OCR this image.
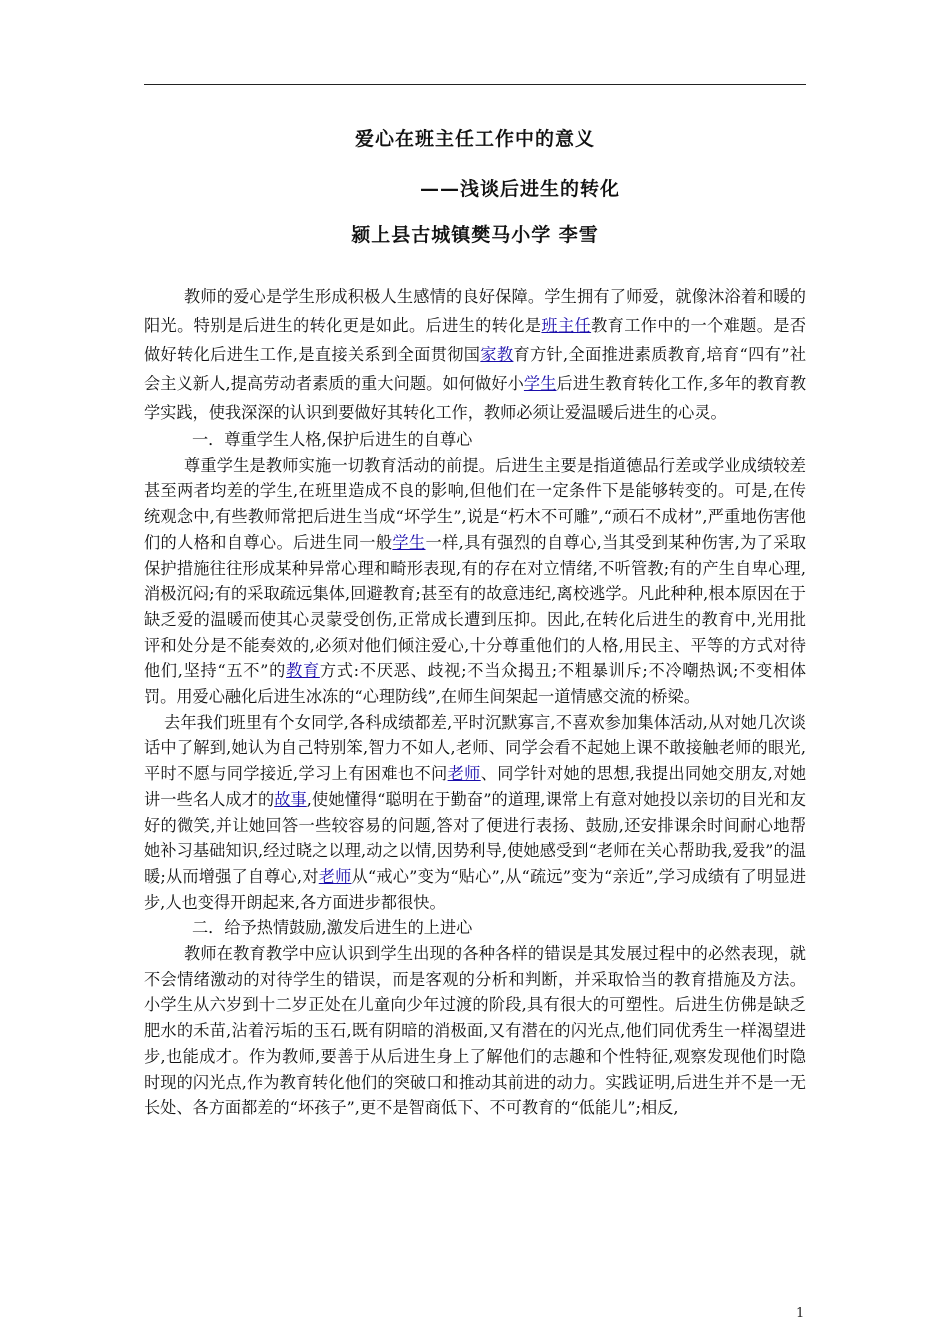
爱心在班主任工作中的意义
——浅谈后进生的转化
颍上县古城镇樊马小学 李雪

教师的爱心是学生形成积极人生感情的良好保障。学生拥有了师爱，就像沐浴着和暖的阳光。特别是后进生的转化更是如此。后进生的转化是班主任教育工作中的一个难题。是否做好转化后进生工作,是直接关系到全面贯彻国家教育方针,全面推进素质教育,培育“四有”社会主义新人,提高劳动者素质的重大问题。如何做好小学生后进生教育转化工作,多年的教育教学实践，使我深深的认识到要做好其转化工作，教师必须让爱温暖后进生的心灵。

一．尊重学生人格,保护后进生的自尊心

尊重学生是教师实施一切教育活动的前提。后进生主要是指道德品行差或学业成绩较差甚至两者均差的学生,在班里造成不良的影响,但他们在一定条件下是能够转变的。可是,在传统观念中,有些教师常把后进生当成“坏学生”,说是“朽木不可雕”,“顽石不成材”,严重地伤害他们的人格和自尊心。后进生同一般学生一样,具有强烈的自尊心,当其受到某种伤害,为了采取保护措施往往形成某种异常心理和畸形表现,有的存在对立情绪,不听管教;有的产生自卑心理,消极沉闷;有的采取疏远集体,回避教育;甚至有的故意违纪,离校逃学。凡此种种,根本原因在于缺乏爱的温暖而使其心灵蒙受创伤,正常成长遭到压抑。因此,在转化后进生的教育中,光用批评和处分是不能奏效的,必须对他们倾注爱心,十分尊重他们的人格,用民主、平等的方式对待他们,坚持“五不”的教育方式:不厌恶、歧视;不当众揭丑;不粗暴训斥;不冷嘲热讽;不变相体罚。用爱心融化后进生冰冻的“心理防线”,在师生间架起一道情感交流的桥梁。

去年我们班里有个女同学,各科成绩都差,平时沉默寡言,不喜欢参加集体活动,从对她几次谈话中了解到,她认为自己特别笨,智力不如人,老师、同学会看不起她上课不敢接触老师的眼光,平时不愿与同学接近,学习上有困难也不问老师、同学针对她的思想,我提出同她交朋友,对她讲一些名人成才的故事,使她懂得“聪明在于勤奋”的道理,课常上有意对她投以亲切的目光和友好的微笑,并让她回答一些较容易的问题,答对了便进行表扬、鼓励,还安排课余时间耐心地帮她补习基础知识,经过晓之以理,动之以情,因势利导,使她感受到“老师在关心帮助我,爱我”的温暖;从而增强了自尊心,对老师从“戒心”变为“贴心”,从“疏远”变为“亲近”,学习成绩有了明显进步,人也变得开朗起来,各方面进步都很快。

二．给予热情鼓励,激发后进生的上进心

教师在教育教学中应认识到学生出现的各种各样的错误是其发展过程中的必然表现，就不会情绪激动的对待学生的错误，而是客观的分析和判断，并采取恰当的教育措施及方法。小学生从六岁到十二岁正处在儿童向少年过渡的阶段,具有很大的可塑性。后进生仿佛是缺乏肥水的禾苗,沾着污垢的玉石,既有阴暗的消极面,又有潜在的闪光点,他们同优秀生一样渴望进步,也能成才。作为教师,要善于从后进生身上了解他们的志趣和个性特征,观察发现他们时隐时现的闪光点,作为教育转化他们的突破口和推动其前进的动力。实践证明,后进生并不是一无长处、各方面都差的“坏孩子”,更不是智商低下、不可教育的“低能儿”;相反,

1
